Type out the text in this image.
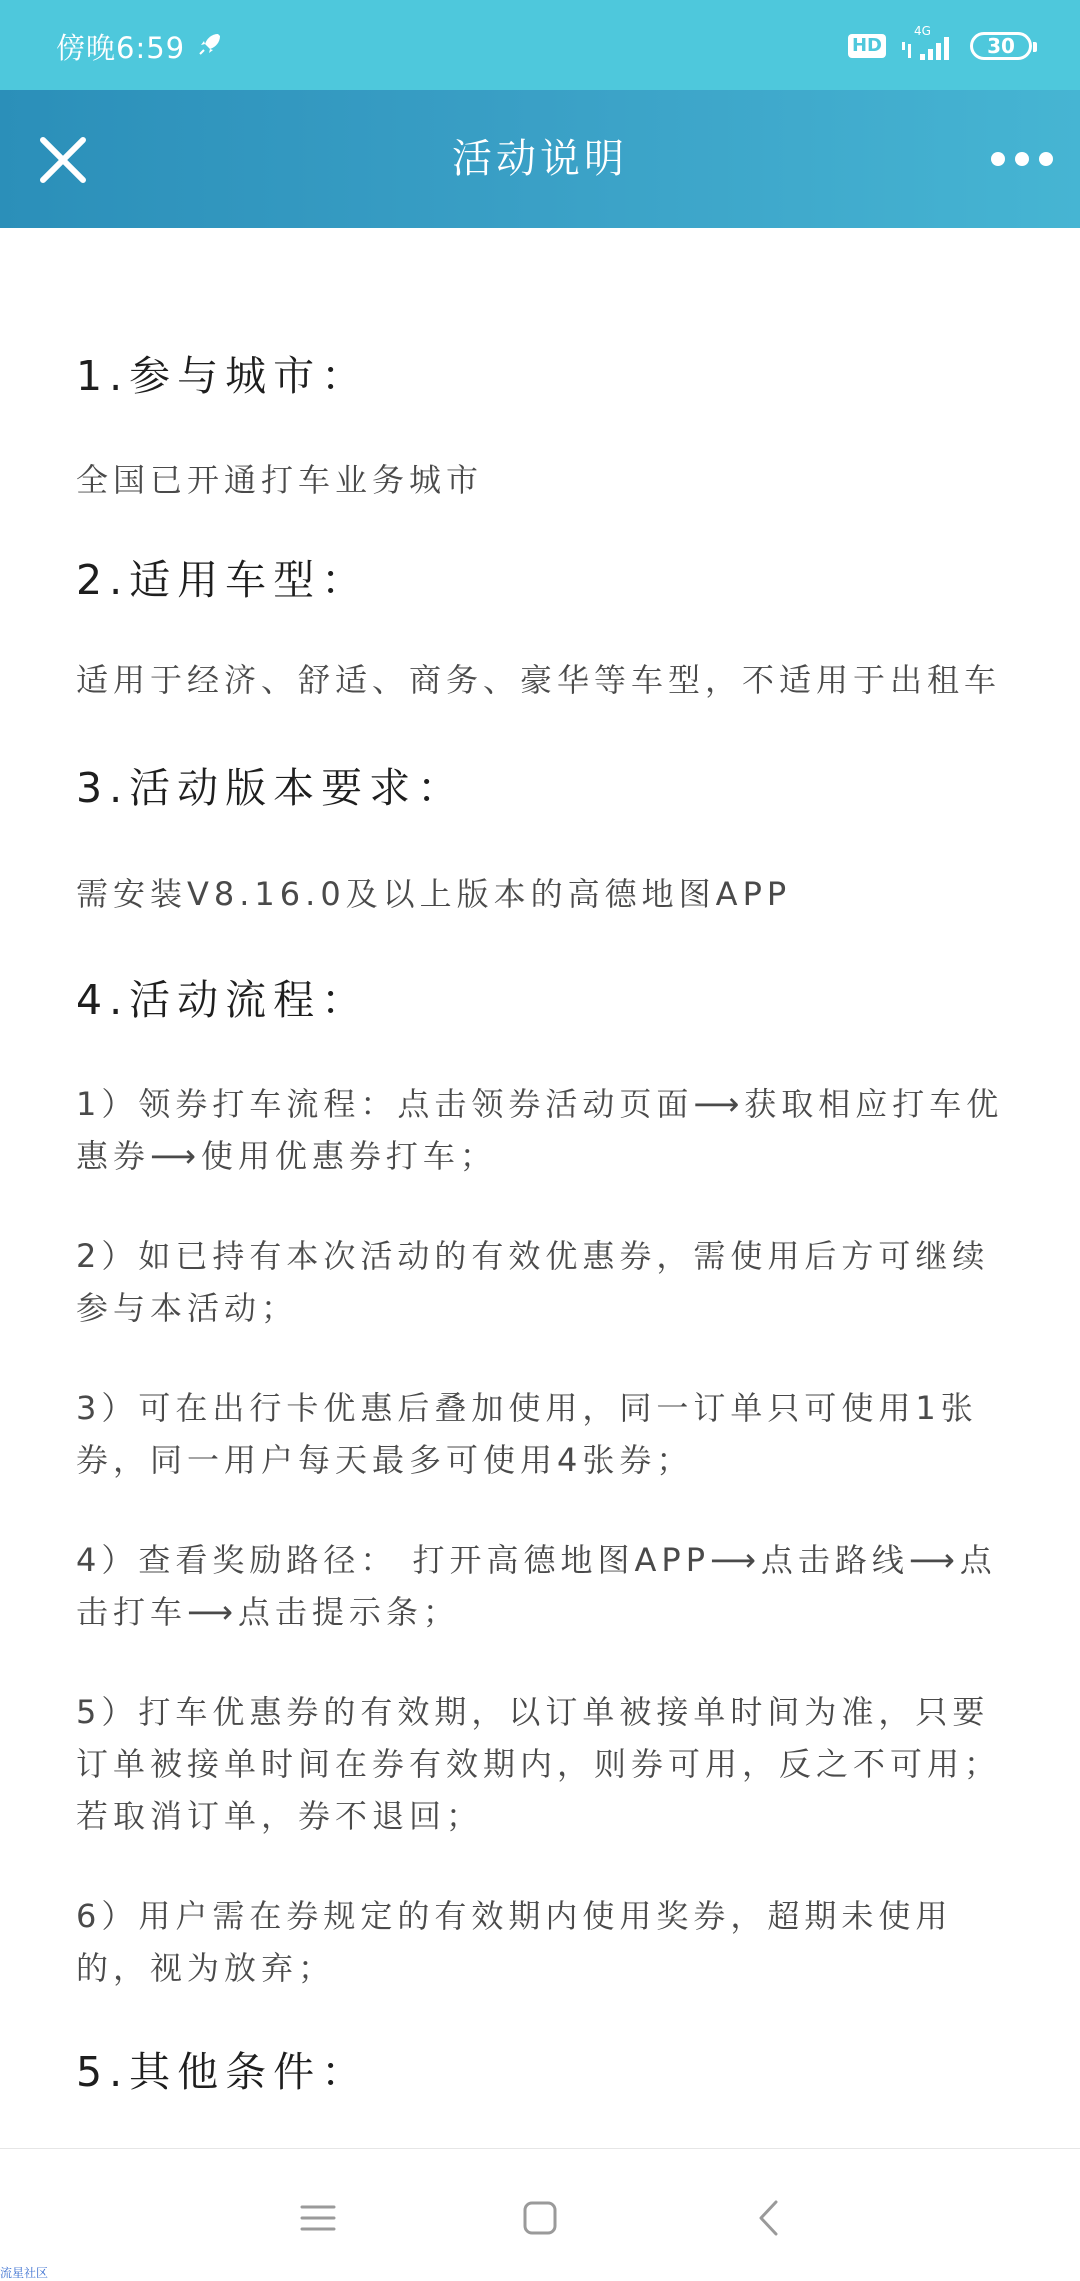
傍晚6:59	HD
4G
30
活动说明
1.参与城市：

全国已开通打车业务城市

2.适用车型：

适用于经济、舒适、商务、豪华等车型，不适用于出租车

3.活动版本要求：

需安装V8.16.0及以上版本的高德地图APP

4.活动流程：

1）领券打车流程：点击领券活动页面⟶获取相应打车优惠券⟶使用优惠券打车；

2）如已持有本次活动的有效优惠券，需使用后方可继续参与本活动；

3）可在出行卡优惠后叠加使用，同一订单只可使用1张券，同一用户每天最多可使用4张券；

4）查看奖励路径： 打开高德地图APP⟶点击路线⟶点击打车⟶点击提示条；

5）打车优惠券的有效期，以订单被接单时间为准，只要订单被接单时间在券有效期内，则券可用，反之不可用；若取消订单，券不退回；

6）用户需在券规定的有效期内使用奖券，超期未使用的，视为放弃；

5.其他条件：
流星社区
